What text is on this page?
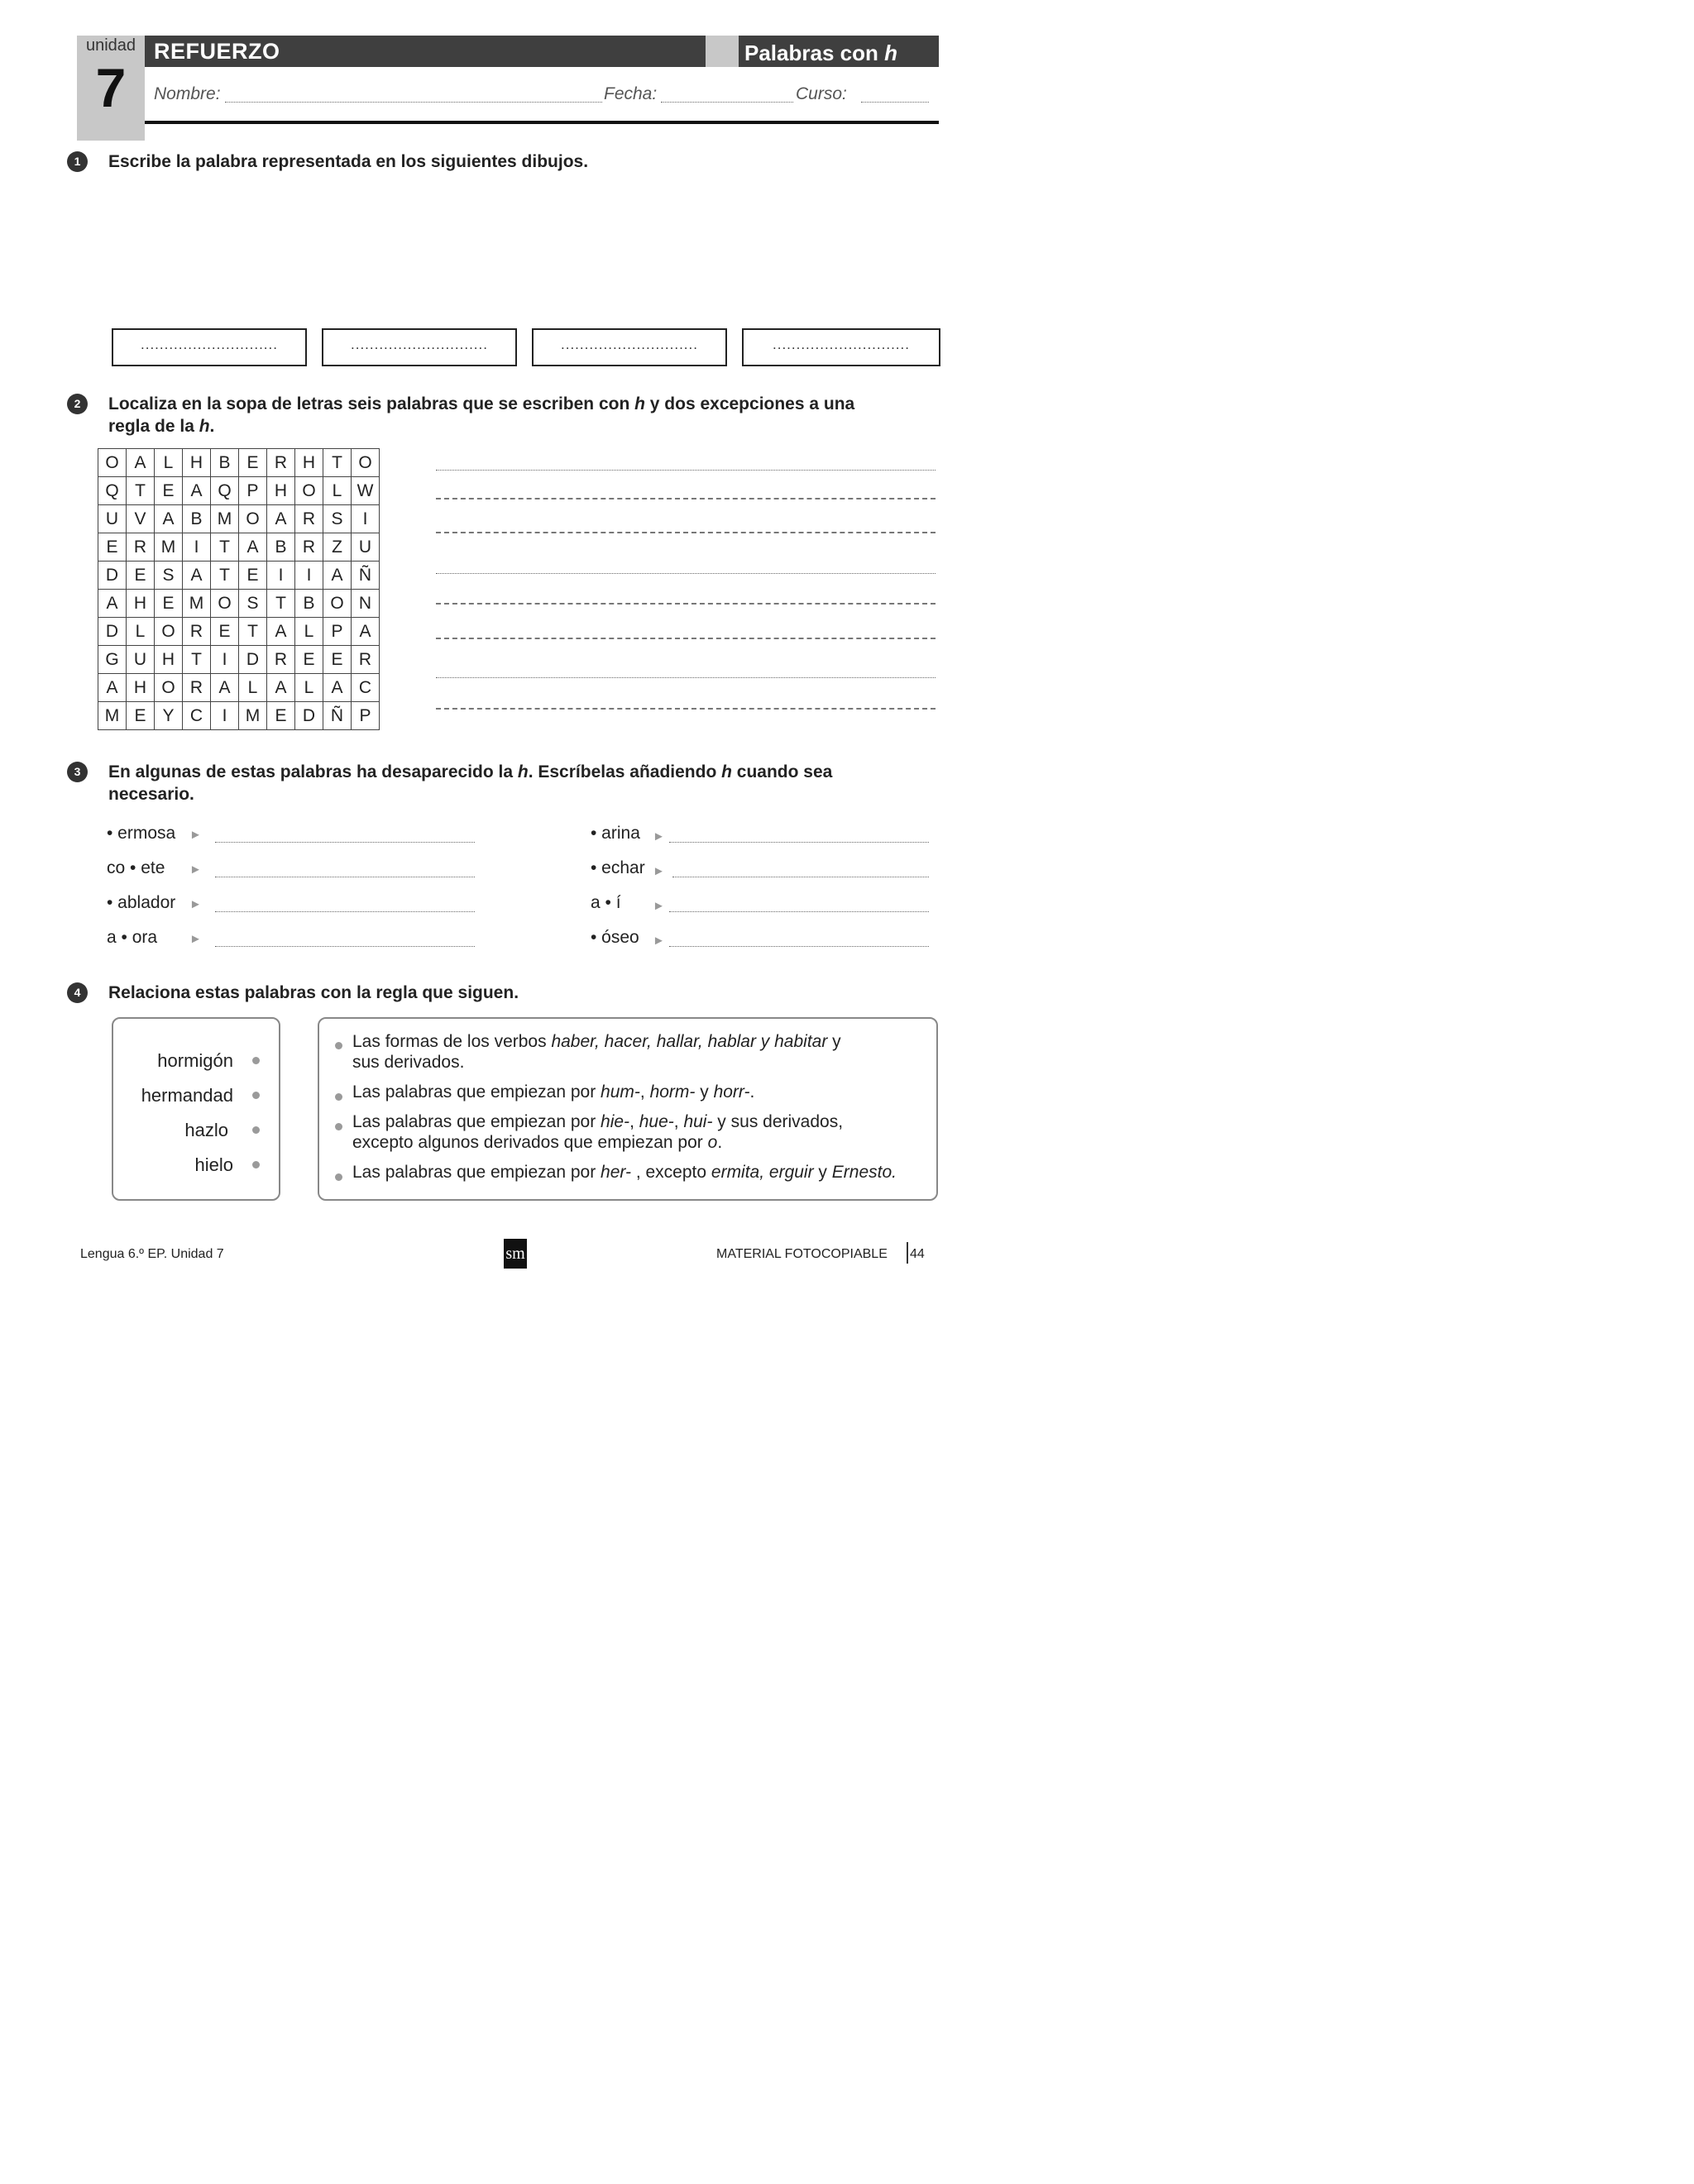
unidad
7
REFUERZO	Palabras con h
Nombre:	Fecha:	Curso:
1	Escribe la palabra representada en los siguientes dibujos.
.............................	.............................	.............................	.............................
2	Localiza en la sopa de letras seis palabras que se escriben con h y dos excepciones a una
regla de la h.
O	A	L	H	B	E	R	H	T	O
Q	T	E	A	Q	P	H	O	L	W
U	V	A	B	M	O	A	R	S	I
E	R	M	I	T	A	B	R	Z	U
D	E	S	A	T	E	I	I	A	Ñ
A	H	E	M	O	S	T	B	O	N
D	L	O	R	E	T	A	L	P	A
G	U	H	T	I	D	R	E	E	R
A	H	O	R	A	L	A	L	A	C
M	E	Y	C	I	M	E	D	Ñ	P
3	En algunas de estas palabras ha desaparecido la h. Escríbelas añadiendo h cuando sea
necesario.
• ermosa
co • ete
• ablador
a • ora
►
►
►
►
• arina
• echar
a • í
• óseo
►
►
►
►
4	Relaciona estas palabras con la regla que siguen.
hormigón
hermandad
hazlo
hielo
Las formas de los verbos haber, hacer, hallar, hablar y habitar y
sus derivados.
Las palabras que empiezan por hum-, horm- y horr-.
Las palabras que empiezan por hie-, hue-, hui- y sus derivados,
excepto algunos derivados que empiezan por o.
Las palabras que empiezan por her- , excepto ermita, erguir y Ernesto.
Lengua 6.º EP. Unidad 7	sm	MATERIAL FOTOCOPIABLE 44
